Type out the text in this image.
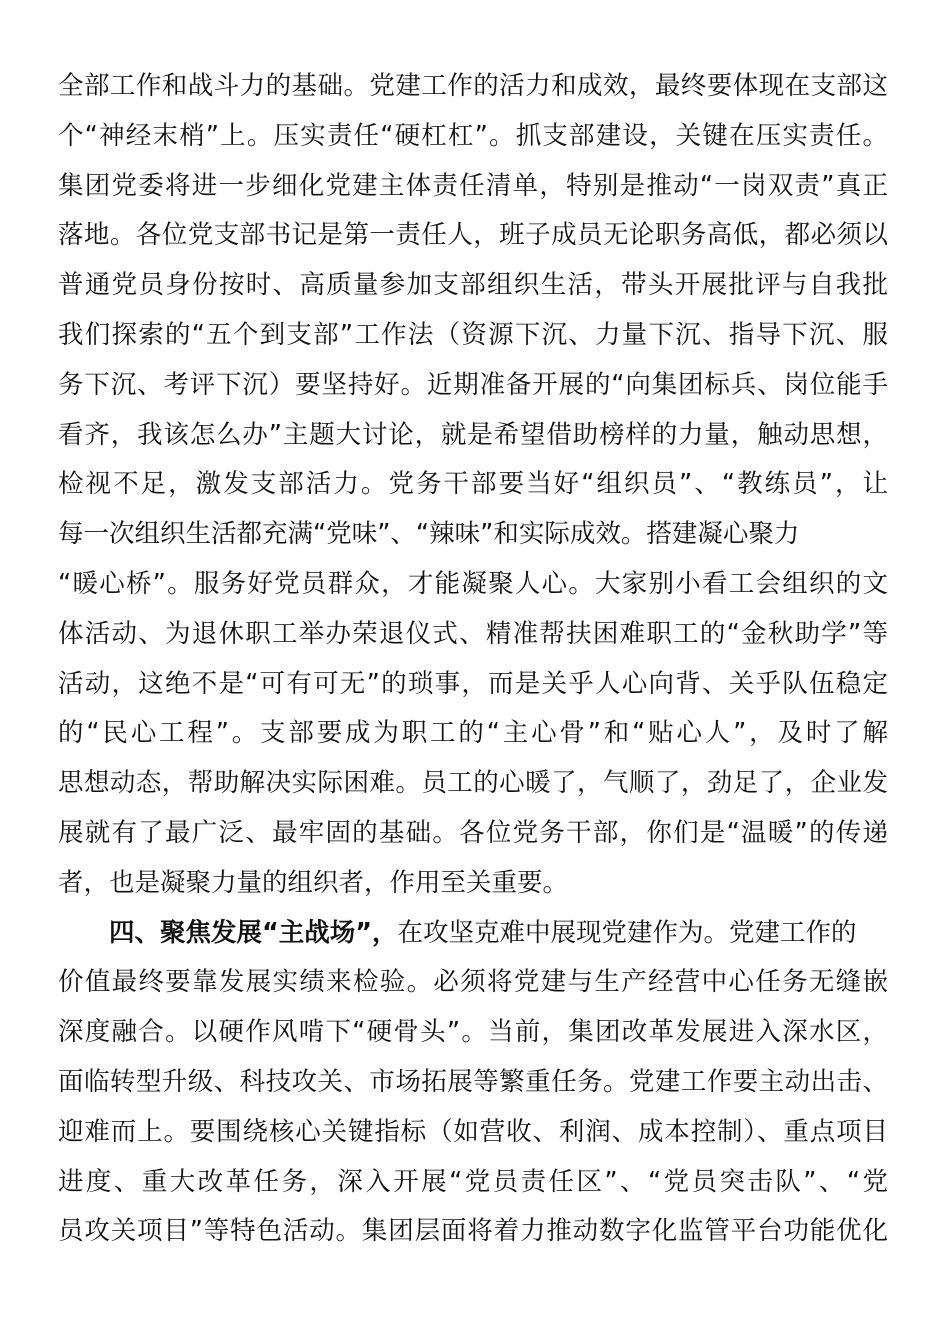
全部工作和战斗力的基础。党建工作的活力和成效，最终要体现在支部这
个“神经末梢”上。压实责任“硬杠杠”。抓支部建设，关键在压实责任。
集团党委将进一步细化党建主体责任清单，特别是推动“一岗双责”真正
落地。各位党支部书记是第一责任人，班子成员无论职务高低，都必须以
普通党员身份按时、高质量参加支部组织生活，带头开展批评与自我批
我们探索的“五个到支部”工作法（资源下沉、力量下沉、指导下沉、服
务下沉、考评下沉）要坚持好。近期准备开展的“向集团标兵、岗位能手
看齐，我该怎么办”主题大讨论，就是希望借助榜样的力量，触动思想，
检视不足，激发支部活力。党务干部要当好“组织员”、“教练员”，让
每一次组织生活都充满“党味”、“辣味”和实际成效。搭建凝心聚力
“暖心桥”。服务好党员群众，才能凝聚人心。大家别小看工会组织的文
体活动、为退休职工举办荣退仪式、精准帮扶困难职工的“金秋助学”等
活动，这绝不是“可有可无”的琐事，而是关乎人心向背、关乎队伍稳定
的“民心工程”。支部要成为职工的“主心骨”和“贴心人”，及时了解
思想动态，帮助解决实际困难。员工的心暖了，气顺了，劲足了，企业发
展就有了最广泛、最牢固的基础。各位党务干部，你们是“温暖”的传递
者，也是凝聚力量的组织者，作用至关重要。
四、聚焦发展“主战场”，在攻坚克难中展现党建作为。党建工作的
价值最终要靠发展实绩来检验。必须将党建与生产经营中心任务无缝嵌
深度融合。以硬作风啃下“硬骨头”。当前，集团改革发展进入深水区，
面临转型升级、科技攻关、市场拓展等繁重任务。党建工作要主动出击、
迎难而上。要围绕核心关键指标（如营收、利润、成本控制）、重点项目
进度、重大改革任务，深入开展“党员责任区”、“党员突击队”、“党
员攻关项目”等特色活动。集团层面将着力推动数字化监管平台功能优化
